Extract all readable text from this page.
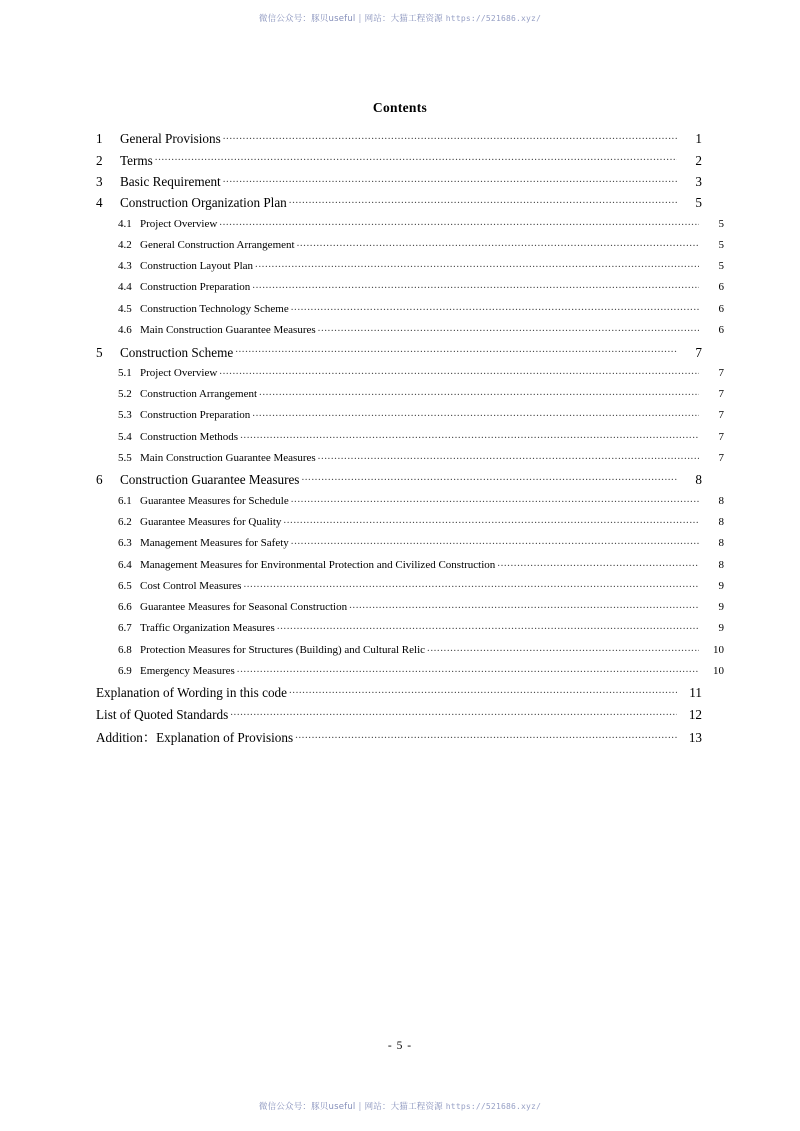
微信公众号：豚贝useful | 网站：大猫工程资源 https://521686.xyz/
Contents
1	General Provisions .....	1
2	Terms .....	2
3	Basic Requirement .....	3
4	Construction Organization Plan .....	5
4.1 Project Overview .....	5
4.2 General Construction Arrangement .....	5
4.3 Construction Layout Plan .....	5
4.4 Construction Preparation .....	6
4.5 Construction Technology Scheme .....	6
4.6 Main Construction Guarantee Measures .....	6
5	Construction Scheme .....	7
5.1 Project Overview .....	7
5.2 Construction Arrangement .....	7
5.3 Construction Preparation .....	7
5.4 Construction Methods .....	7
5.5 Main Construction Guarantee Measures .....	7
6	Construction Guarantee Measures .....	8
6.1 Guarantee Measures for Schedule .....	8
6.2 Guarantee Measures for Quality .....	8
6.3 Management Measures for Safety .....	8
6.4 Management Measures for Environmental Protection and Civilized Construction .....	8
6.5 Cost Control Measures .....	9
6.6 Guarantee Measures for Seasonal Construction .....	9
6.7 Traffic Organization Measures .....	9
6.8 Protection Measures for Structures (Building) and Cultural Relic .....	10
6.9 Emergency Measures .....	10
Explanation of Wording in this code .....	11
List of Quoted Standards .....	12
Addition：Explanation of Provisions .....	13
- 5 -
微信公众号：豚贝useful | 网站：大猫工程资源 https://521686.xyz/
